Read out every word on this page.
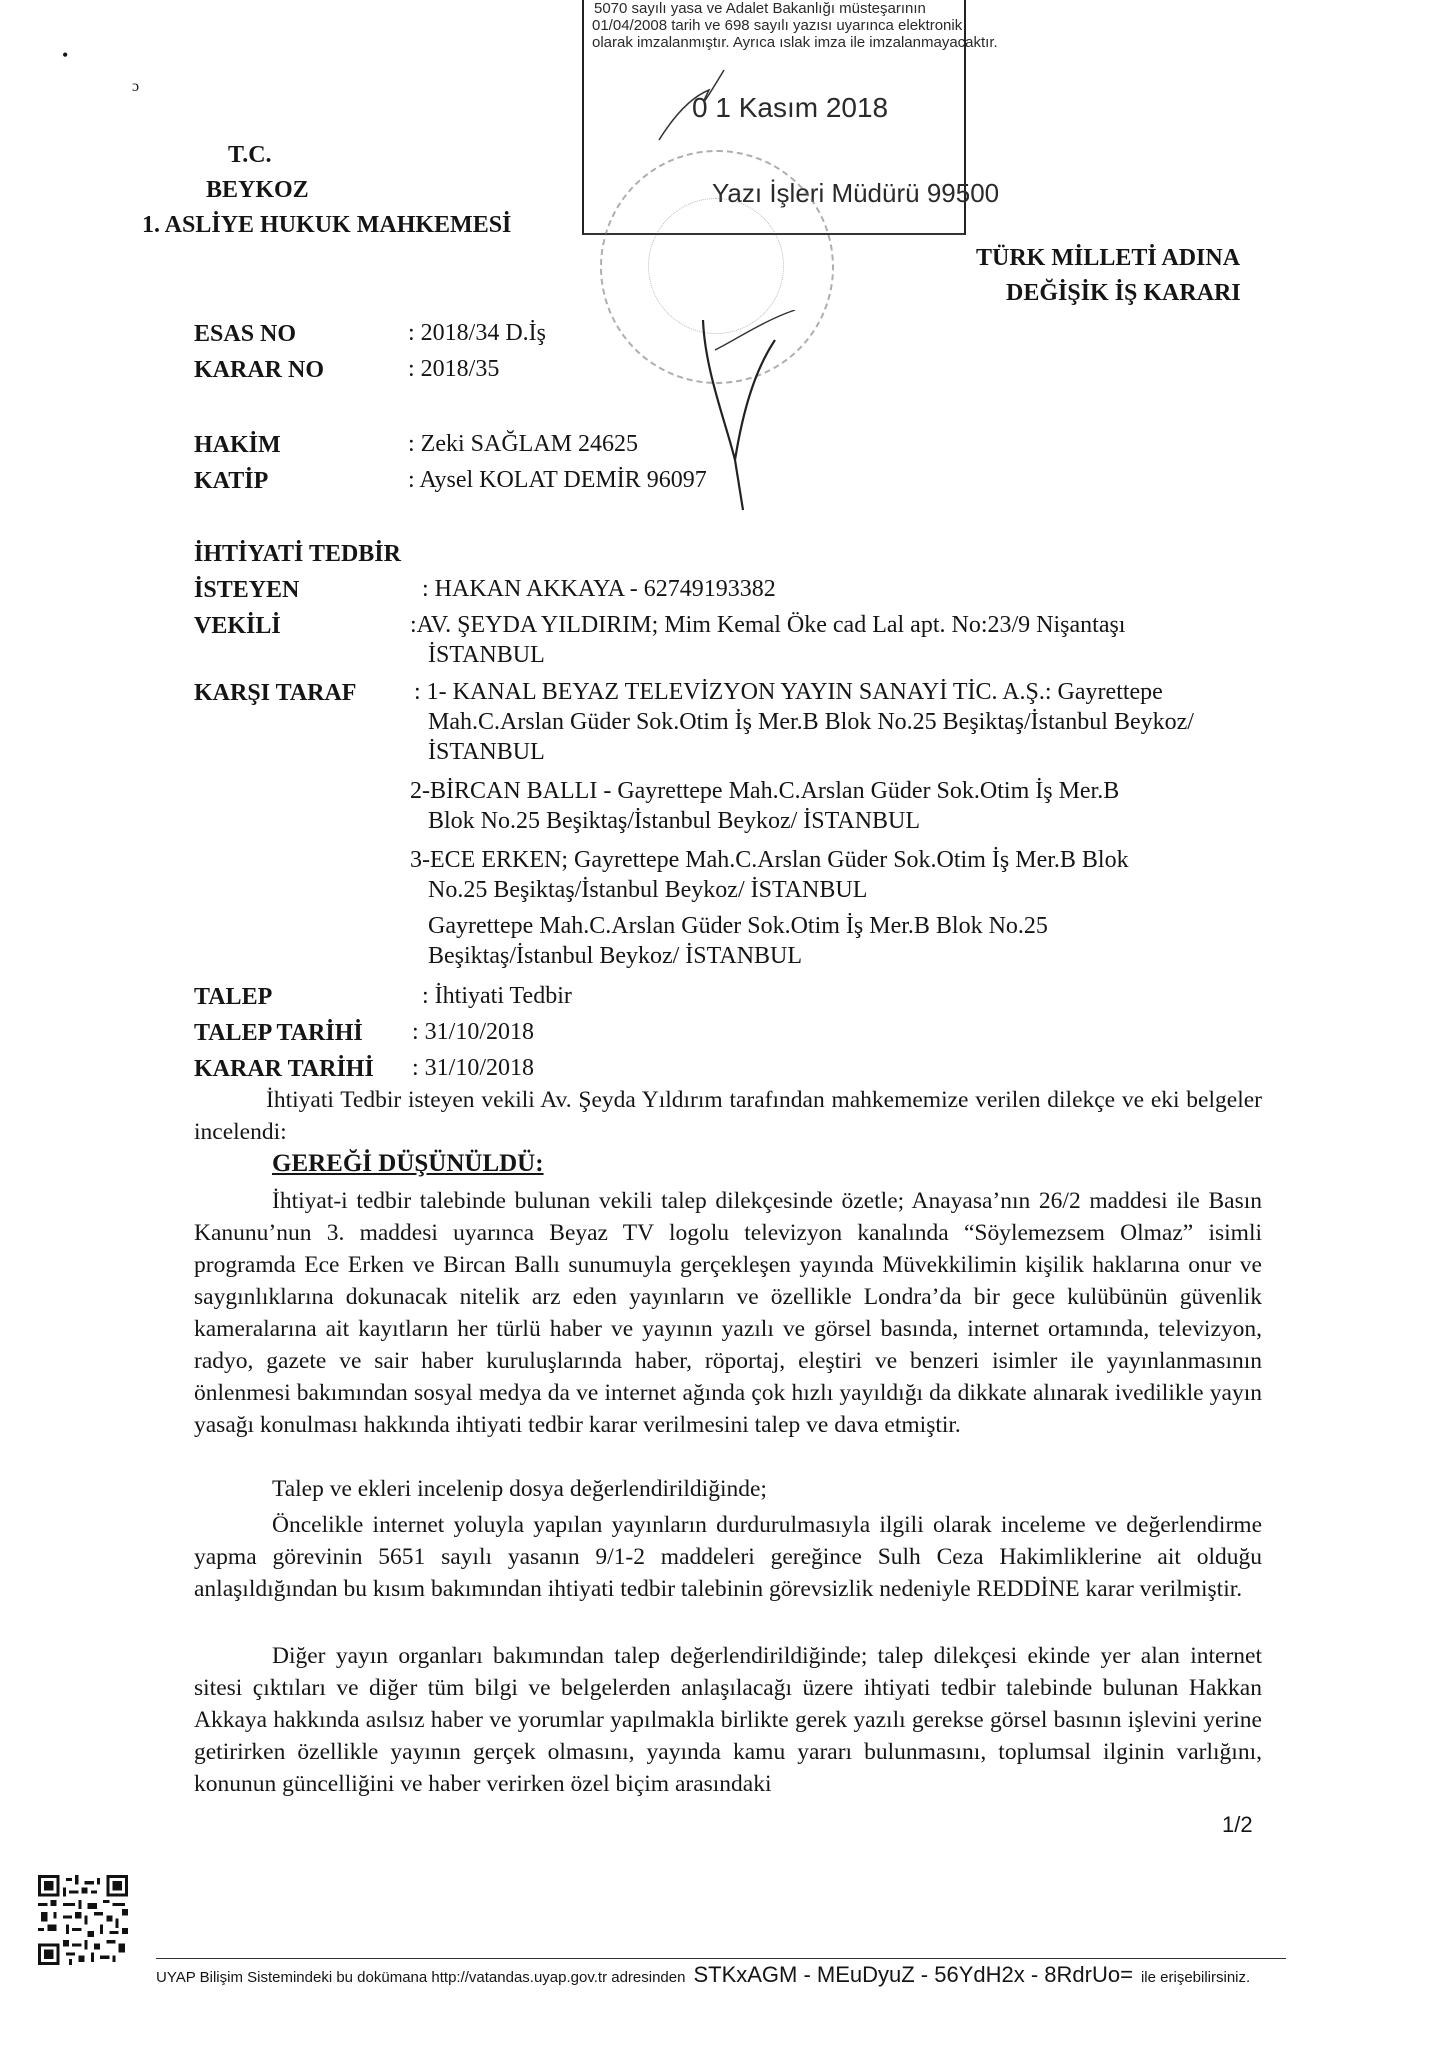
•
ɔ
5070 sayılı yasa ve Adalet Bakanlığı müsteşarının
01/04/2008 tarih ve 698 sayılı yazısı uyarınca elektronik
olarak imzalanmıştır. Ayrıca ıslak imza ile imzalanmayacaktır.
0 1 Kasım 2018
Yazı İşleri Müdürü 99500
T.C.
BEYKOZ
1. ASLİYE HUKUK MAHKEMESİ
TÜRK MİLLETİ ADINA
DEĞİŞİK İŞ KARARI
ESAS NO	: 2018/34 D.İş
KARAR NO	: 2018/35
HAKİM	: Zeki SAĞLAM 24625
KATİP	: Aysel KOLAT DEMİR 96097
İHTİYATİ TEDBİR
İSTEYEN	: HAKAN AKKAYA - 62749193382
VEKİLİ	:AV. ŞEYDA YILDIRIM; Mim Kemal Öke cad Lal apt. No:23/9 Nişantaşı
İSTANBUL
KARŞI TARAF : 1- KANAL BEYAZ TELEVİZYON YAYIN SANAYİ TİC. A.Ş.: Gayrettepe
Mah.C.Arslan Güder Sok.Otim İş Mer.B Blok No.25 Beşiktaş/İstanbul Beykoz/
İSTANBUL
2-BİRCAN BALLI - Gayrettepe Mah.C.Arslan Güder Sok.Otim İş Mer.B
Blok No.25 Beşiktaş/İstanbul Beykoz/ İSTANBUL
3-ECE ERKEN; Gayrettepe Mah.C.Arslan Güder Sok.Otim İş Mer.B Blok
No.25 Beşiktaş/İstanbul Beykoz/ İSTANBUL
Gayrettepe Mah.C.Arslan Güder Sok.Otim İş Mer.B Blok No.25
Beşiktaş/İstanbul Beykoz/ İSTANBUL
TALEP	: İhtiyati Tedbir
TALEP TARİHİ : 31/10/2018
KARAR TARİHİ : 31/10/2018
İhtiyati Tedbir isteyen vekili Av. Şeyda Yıldırım tarafından mahkememize verilen dilekçe ve eki belgeler incelendi:
GEREĞİ DÜŞÜNÜLDÜ:
İhtiyat-i tedbir talebinde bulunan vekili talep dilekçesinde özetle; Anayasa’nın 26/2 maddesi ile Basın Kanunu’nun 3. maddesi uyarınca Beyaz TV logolu televizyon kanalında “Söylemezsem Olmaz” isimli programda Ece Erken ve Bircan Ballı sunumuyla gerçekleşen yayında Müvekkilimin kişilik haklarına onur ve saygınlıklarına dokunacak nitelik arz eden yayınların ve özellikle Londra’da bir gece kulübünün güvenlik kameralarına ait kayıtların her türlü haber ve yayının yazılı ve görsel basında, internet ortamında, televizyon, radyo, gazete ve sair haber kuruluşlarında haber, röportaj, eleştiri ve benzeri isimler ile yayınlanmasının önlenmesi bakımından sosyal medya da ve internet ağında çok hızlı yayıldığı da dikkate alınarak ivedilikle yayın yasağı konulması hakkında ihtiyati tedbir karar verilmesini talep ve dava etmiştir.
Talep ve ekleri incelenip dosya değerlendirildiğinde;
Öncelikle internet yoluyla yapılan yayınların durdurulmasıyla ilgili olarak inceleme ve değerlendirme yapma görevinin 5651 sayılı yasanın 9/1-2 maddeleri gereğince Sulh Ceza Hakimliklerine ait olduğu anlaşıldığından bu kısım bakımından ihtiyati tedbir talebinin görevsizlik nedeniyle REDDİNE karar verilmiştir.
Diğer yayın organları bakımından talep değerlendirildiğinde; talep dilekçesi ekinde yer alan internet sitesi çıktıları ve diğer tüm bilgi ve belgelerden anlaşılacağı üzere ihtiyati tedbir talebinde bulunan Hakkan Akkaya hakkında asılsız haber ve yorumlar yapılmakla birlikte gerek yazılı gerekse görsel basının işlevini yerine getirirken özellikle yayının gerçek olmasını, yayında kamu yararı bulunmasını, toplumsal ilginin varlığını, konunun güncelliğini ve haber verirken özel biçim arasındaki
1/2
UYAP Bilişim Sistemindeki bu dokümana http://vatandas.uyap.gov.tr adresinden STKxAGM - MEuDyuZ - 56YdH2x - 8RdrUo= ile erişebilirsiniz.
